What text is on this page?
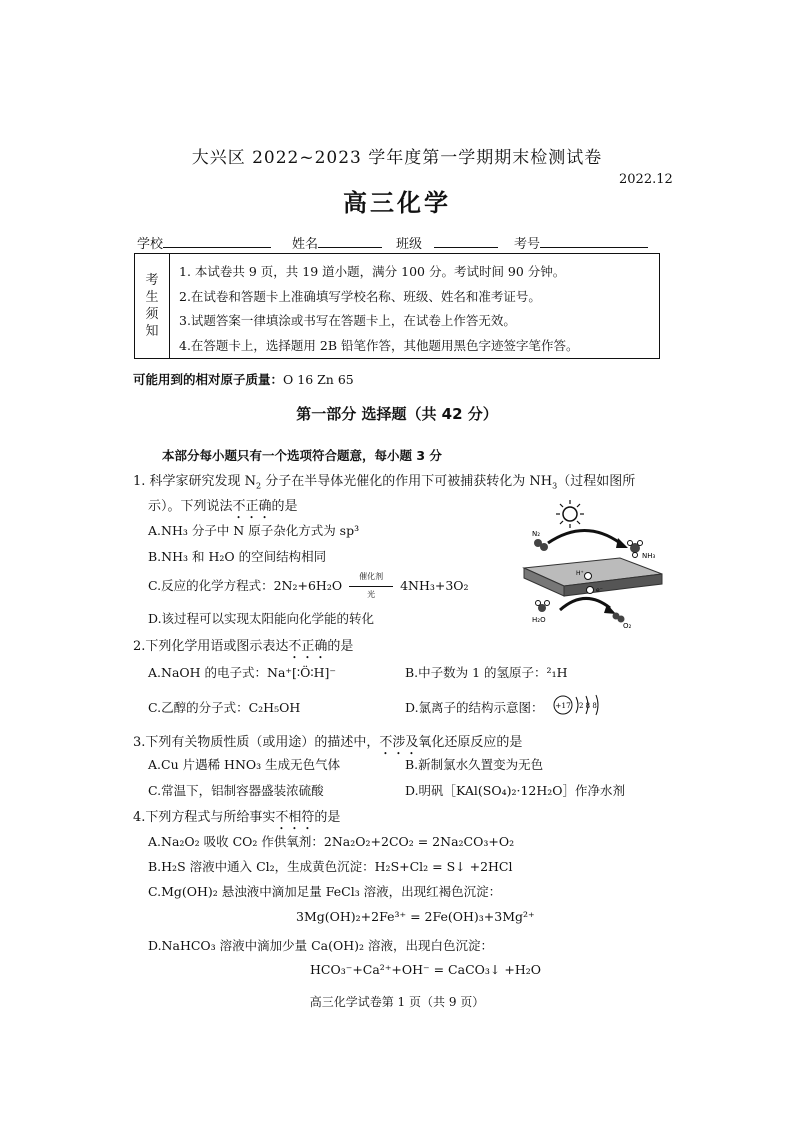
大兴区 2022~2023 学年度第一学期期末检测试卷
2022.12
高三化学
学校	姓名	班级	考号
考
生
须
知
1. 本试卷共 9 页，共 19 道小题，满分 100 分。考试时间 90 分钟。
2.在试卷和答题卡上准确填写学校名称、班级、姓名和准考证号。
3.试题答案一律填涂或书写在答题卡上，在试卷上作答无效。
4.在答题卡上，选择题用 2B 铅笔作答，其他题用黑色字迹签字笔作答。
可能用到的相对原子质量：O 16 Zn 65
第一部分 选择题（共 42 分）
本部分每小题只有一个选项符合题意，每小题 3 分
1. 科学家研究发现 $N_2$ 分子在半导体光催化的作用下可被捕获转化为 $NH_3$（过程如图所
示）。下列说法不正确的是
A.NH₃ 分子中 N 原子杂化方式为 sp³
B.NH₃ 和 H₂O 的空间结构相同
C.反应的化学方程式：2N₂+6H₂O
催化剂
光
4NH₃+3O₂
D.该过程可以实现太阳能向化学能的转化
N₂
NH₃
H₂O
O₂
H⁺
e⁻
2.下列化学用语或图示表达不正确的是
A.NaOH 的电子式：Na⁺[∶Ö∶H]⁻	B.中子数为 1 的氢原子：²₁H
C.乙醇的分子式：C₂H₅OH	D.氯离子的结构示意图： +17 2 8 8
3.下列有关物质性质（或用途）的描述中，不涉及氧化还原反应的是
A.Cu 片遇稀 HNO₃ 生成无色气体	B.新制氯水久置变为无色
C.常温下，铝制容器盛装浓硫酸	D.明矾［KAl(SO₄)₂·12H₂O］作净水剂
4.下列方程式与所给事实不相符的是
A.Na₂O₂ 吸收 CO₂ 作供氧剂：2Na₂O₂+2CO₂ = 2Na₂CO₃+O₂
B.H₂S 溶液中通入 Cl₂，生成黄色沉淀：H₂S+Cl₂ = S↓ +2HCl
C.Mg(OH)₂ 悬浊液中滴加足量 FeCl₃ 溶液，出现红褐色沉淀：
3Mg(OH)₂+2Fe³⁺ = 2Fe(OH)₃+3Mg²⁺
D.NaHCO₃ 溶液中滴加少量 Ca(OH)₂ 溶液，出现白色沉淀：
HCO₃⁻+Ca²⁺+OH⁻ = CaCO₃↓ +H₂O
高三化学试卷第 1 页（共 9 页）
